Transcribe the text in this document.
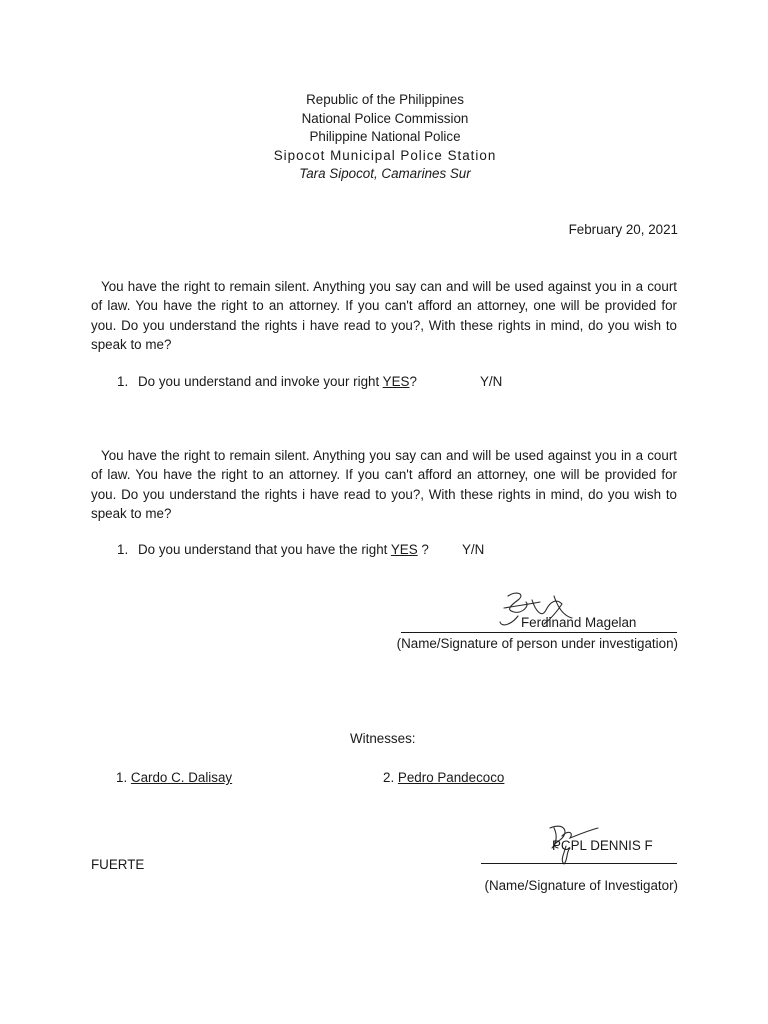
Republic of the Philippines
National Police Commission
Philippine National Police
Sipocot Municipal Police Station
Tara Sipocot, Camarines Sur
February 20, 2021
You have the right to remain silent. Anything you say can and will be used against you in a court of law. You have the right to an attorney. If you can't afford an attorney, one will be provided for you. Do you understand the rights i have read to you?, With these rights in mind, do you wish to speak to me?
1. Do you understand and invoke your right YES?	Y/N
You have the right to remain silent. Anything you say can and will be used against you in a court of law. You have the right to an attorney. If you can't afford an attorney, one will be provided for you. Do you understand the rights i have read to you?, With these rights in mind, do you wish to speak to me?
1. Do you understand that you have the right YES ? Y/N
Ferdinand Magelan
(Name/Signature of person under investigation)
Witnesses:
1. Cardo C. Dalisay	2. Pedro Pandecoco
PCPL DENNIS F
FUERTE
(Name/Signature of Investigator)
